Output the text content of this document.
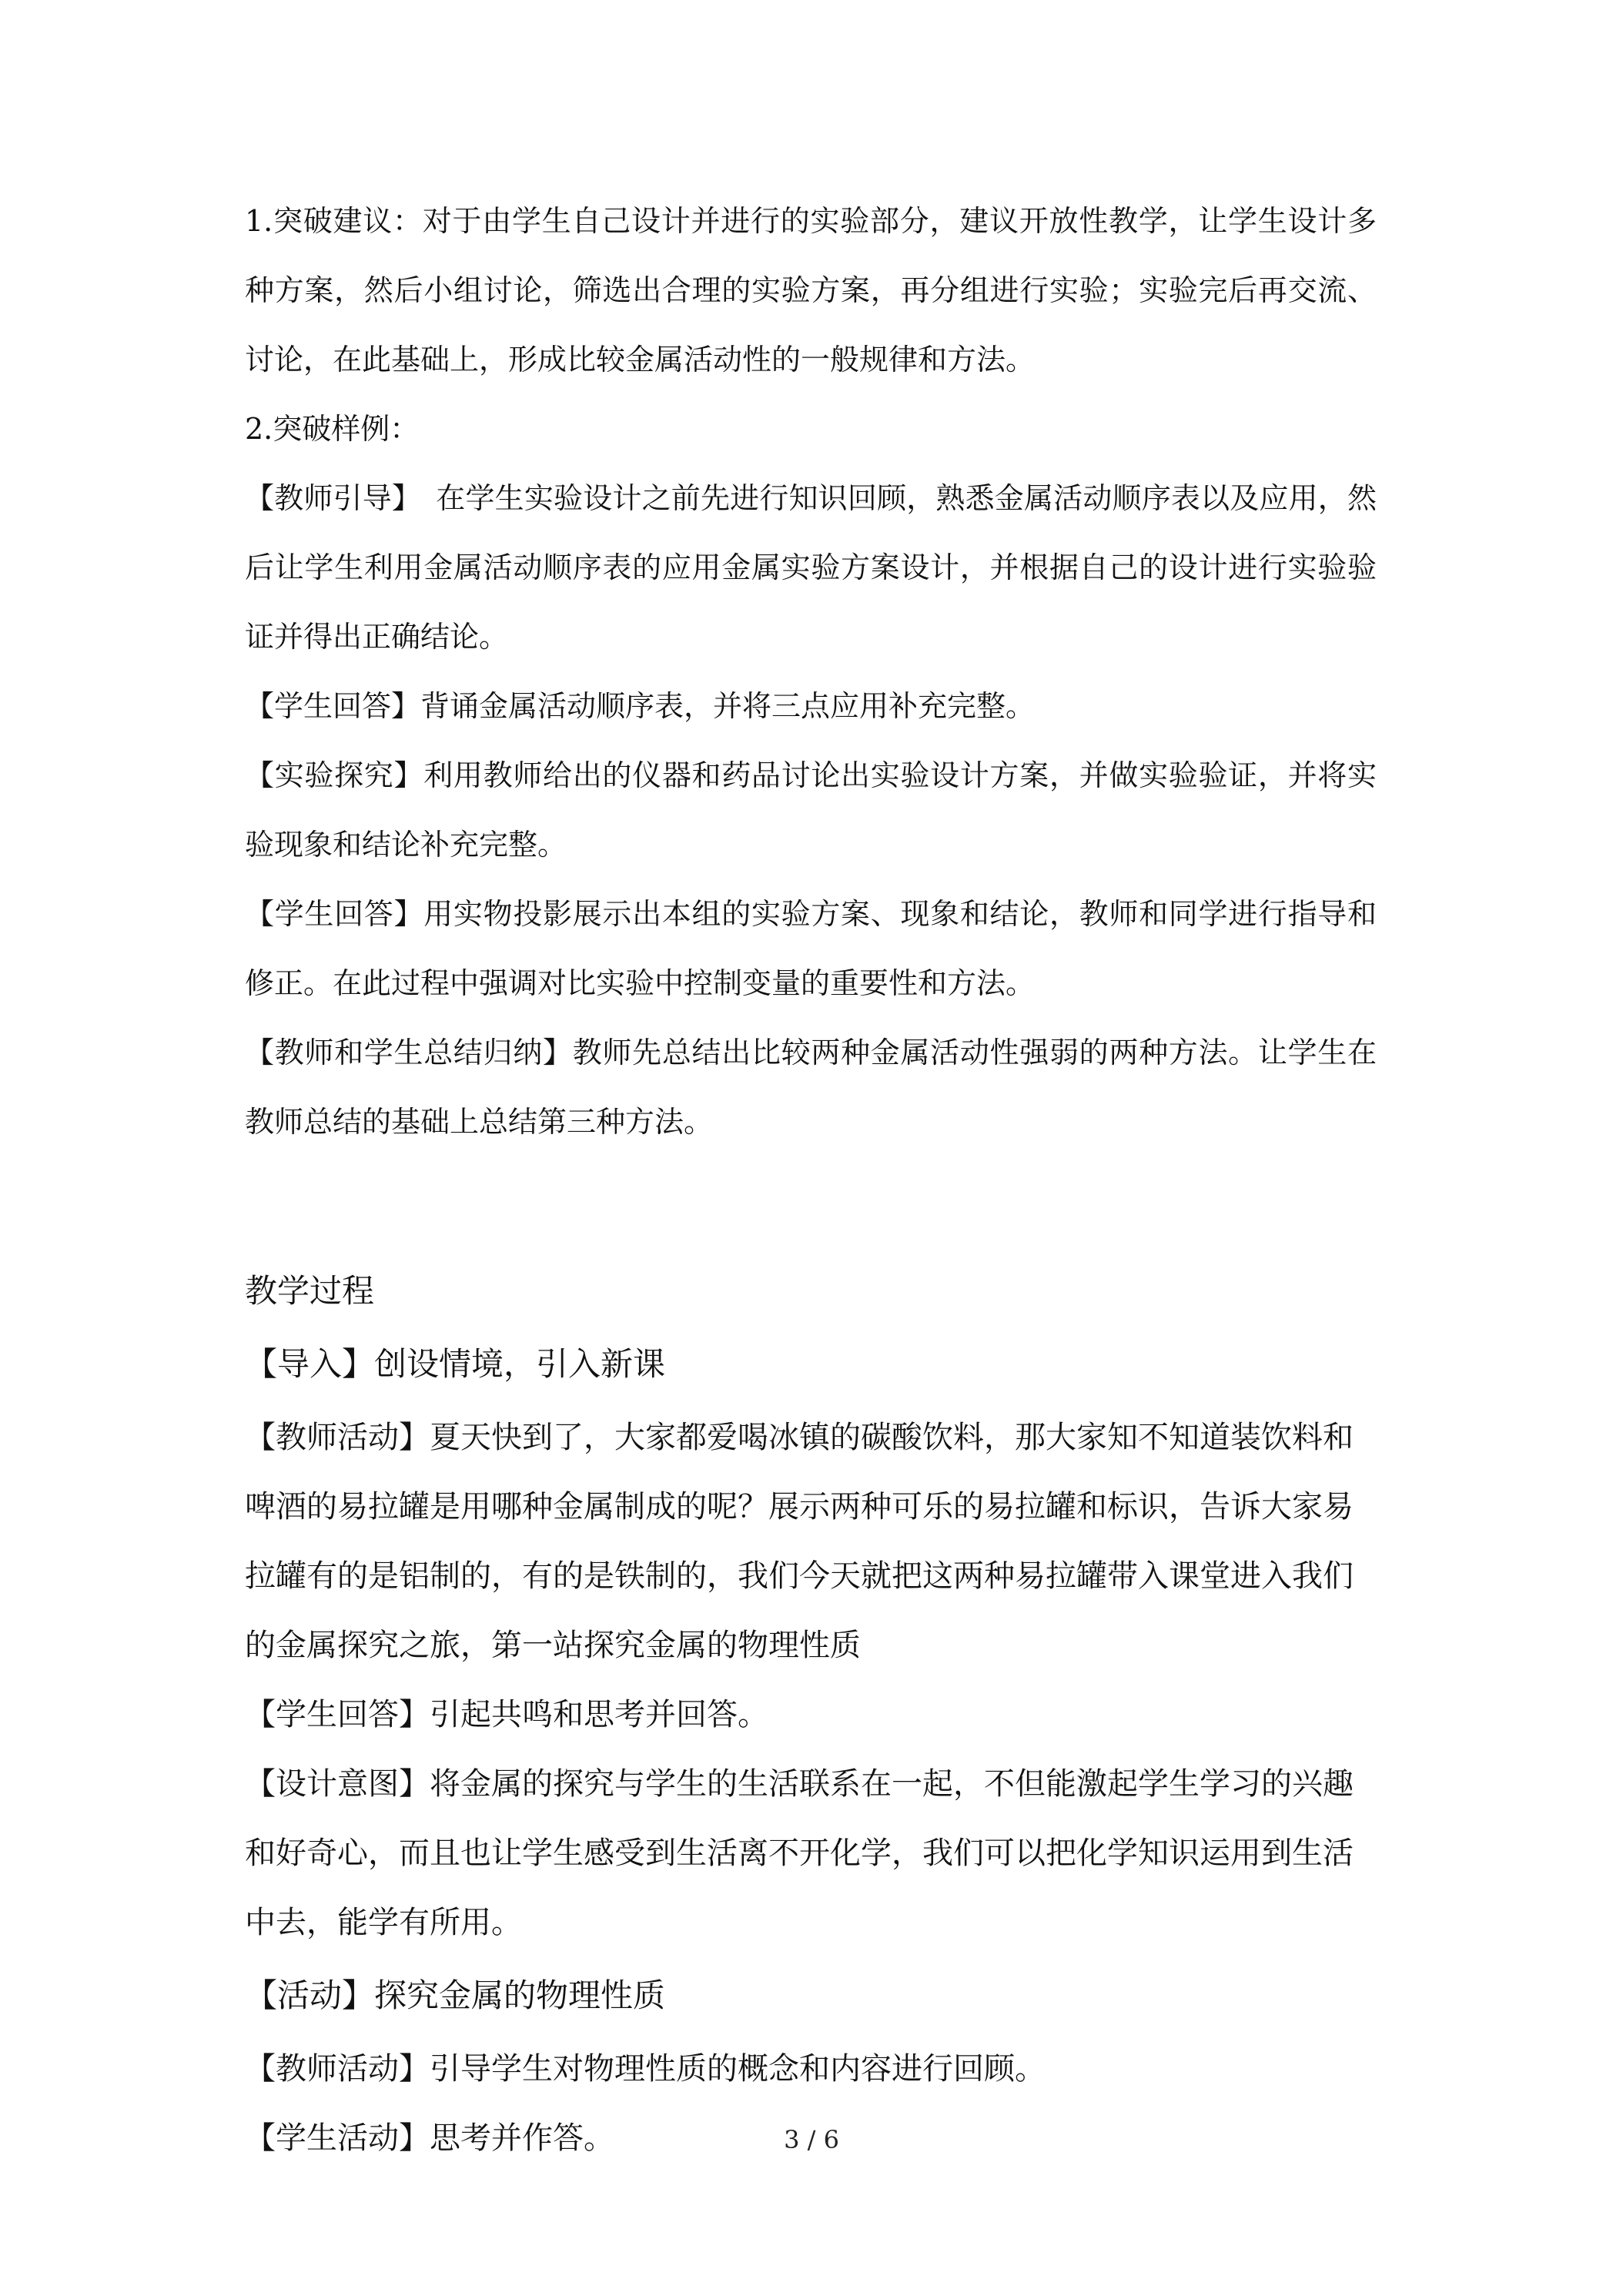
1.突破建议：对于由学生自己设计并进行的实验部分，建议开放性教学，让学生设计多种方案，然后小组讨论，筛选出合理的实验方案，再分组进行实验；实验完后再交流、讨论，在此基础上，形成比较金属活动性的一般规律和方法。

2.突破样例：

【教师引导】　在学生实验设计之前先进行知识回顾，熟悉金属活动顺序表以及应用，然后让学生利用金属活动顺序表的应用金属实验方案设计，并根据自己的设计进行实验验证并得出正确结论。

【学生回答】背诵金属活动顺序表，并将三点应用补充完整。

【实验探究】利用教师给出的仪器和药品讨论出实验设计方案，并做实验验证，并将实验现象和结论补充完整。

【学生回答】用实物投影展示出本组的实验方案、现象和结论，教师和同学进行指导和修正。在此过程中强调对比实验中控制变量的重要性和方法。

【教师和学生总结归纳】教师先总结出比较两种金属活动性强弱的两种方法。让学生在教师总结的基础上总结第三种方法。

教学过程

【导入】创设情境，引入新课

【教师活动】夏天快到了，大家都爱喝冰镇的碳酸饮料，那大家知不知道装饮料和啤酒的易拉罐是用哪种金属制成的呢？展示两种可乐的易拉罐和标识，告诉大家易拉罐有的是铝制的，有的是铁制的，我们今天就把这两种易拉罐带入课堂进入我们的金属探究之旅，第一站探究金属的物理性质

【学生回答】引起共鸣和思考并回答。

【设计意图】将金属的探究与学生的生活联系在一起，不但能激起学生学习的兴趣和好奇心，而且也让学生感受到生活离不开化学，我们可以把化学知识运用到生活中去，能学有所用。

【活动】探究金属的物理性质

【教师活动】引导学生对物理性质的概念和内容进行回顾。

【学生活动】思考并作答。	3 / 6
